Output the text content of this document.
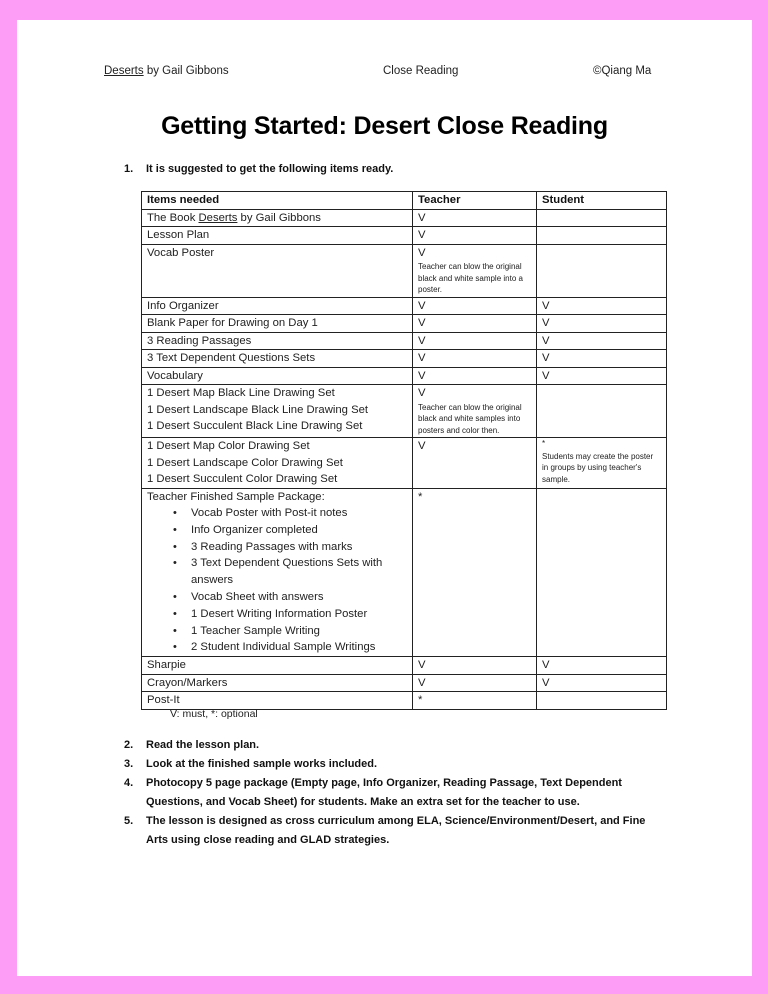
Deserts by Gail Gibbons	Close Reading	©Qiang Ma
Getting Started: Desert Close Reading
1.	It is suggested to get the following items ready.
Items needed	Teacher	Student
The Book Deserts by Gail Gibbons	V	
Lesson Plan	V	
Vocab Poster	V
Teacher can blow the original black and white sample into a poster.	

Info Organizer	V	V
Blank Paper for Drawing on Day 1	V	V
3 Reading Passages	V	V
3 Text Dependent Questions Sets	V	V
Vocabulary	V	V

1 Desert Map Black Line Drawing Set
1 Desert Landscape Black Line Drawing Set
1 Desert Succulent Black Line Drawing Set	V
Teacher can blow the original black and white samples into posters and color then.	

1 Desert Map Color Drawing Set
1 Desert Landscape Color Drawing Set
1 Desert Succulent Color Drawing Set	V	*
Students may create the poster in groups by using teacher's sample.

Teacher Finished Sample Package:
• Vocab Poster with Post-it notes
• Info Organizer completed
• 3 Reading Passages with marks
• 3 Text Dependent Questions Sets with answers
• Vocab Sheet with answers
• 1 Desert Writing Information Poster
• 1 Teacher Sample Writing
• 2 Student Individual Sample Writings
	*	
Sharpie	V	V
Crayon/Markers	V	V
Post-It	*	
V: must, *: optional
2.	Read the lesson plan.
3.	Look at the finished sample works included.
4.	Photocopy 5 page package (Empty page, Info Organizer, Reading Passage, Text Dependent Questions, and Vocab Sheet) for students. Make an extra set for the teacher to use.
5.	The lesson is designed as cross curriculum among ELA, Science/Environment/Desert, and Fine Arts using close reading and GLAD strategies.
